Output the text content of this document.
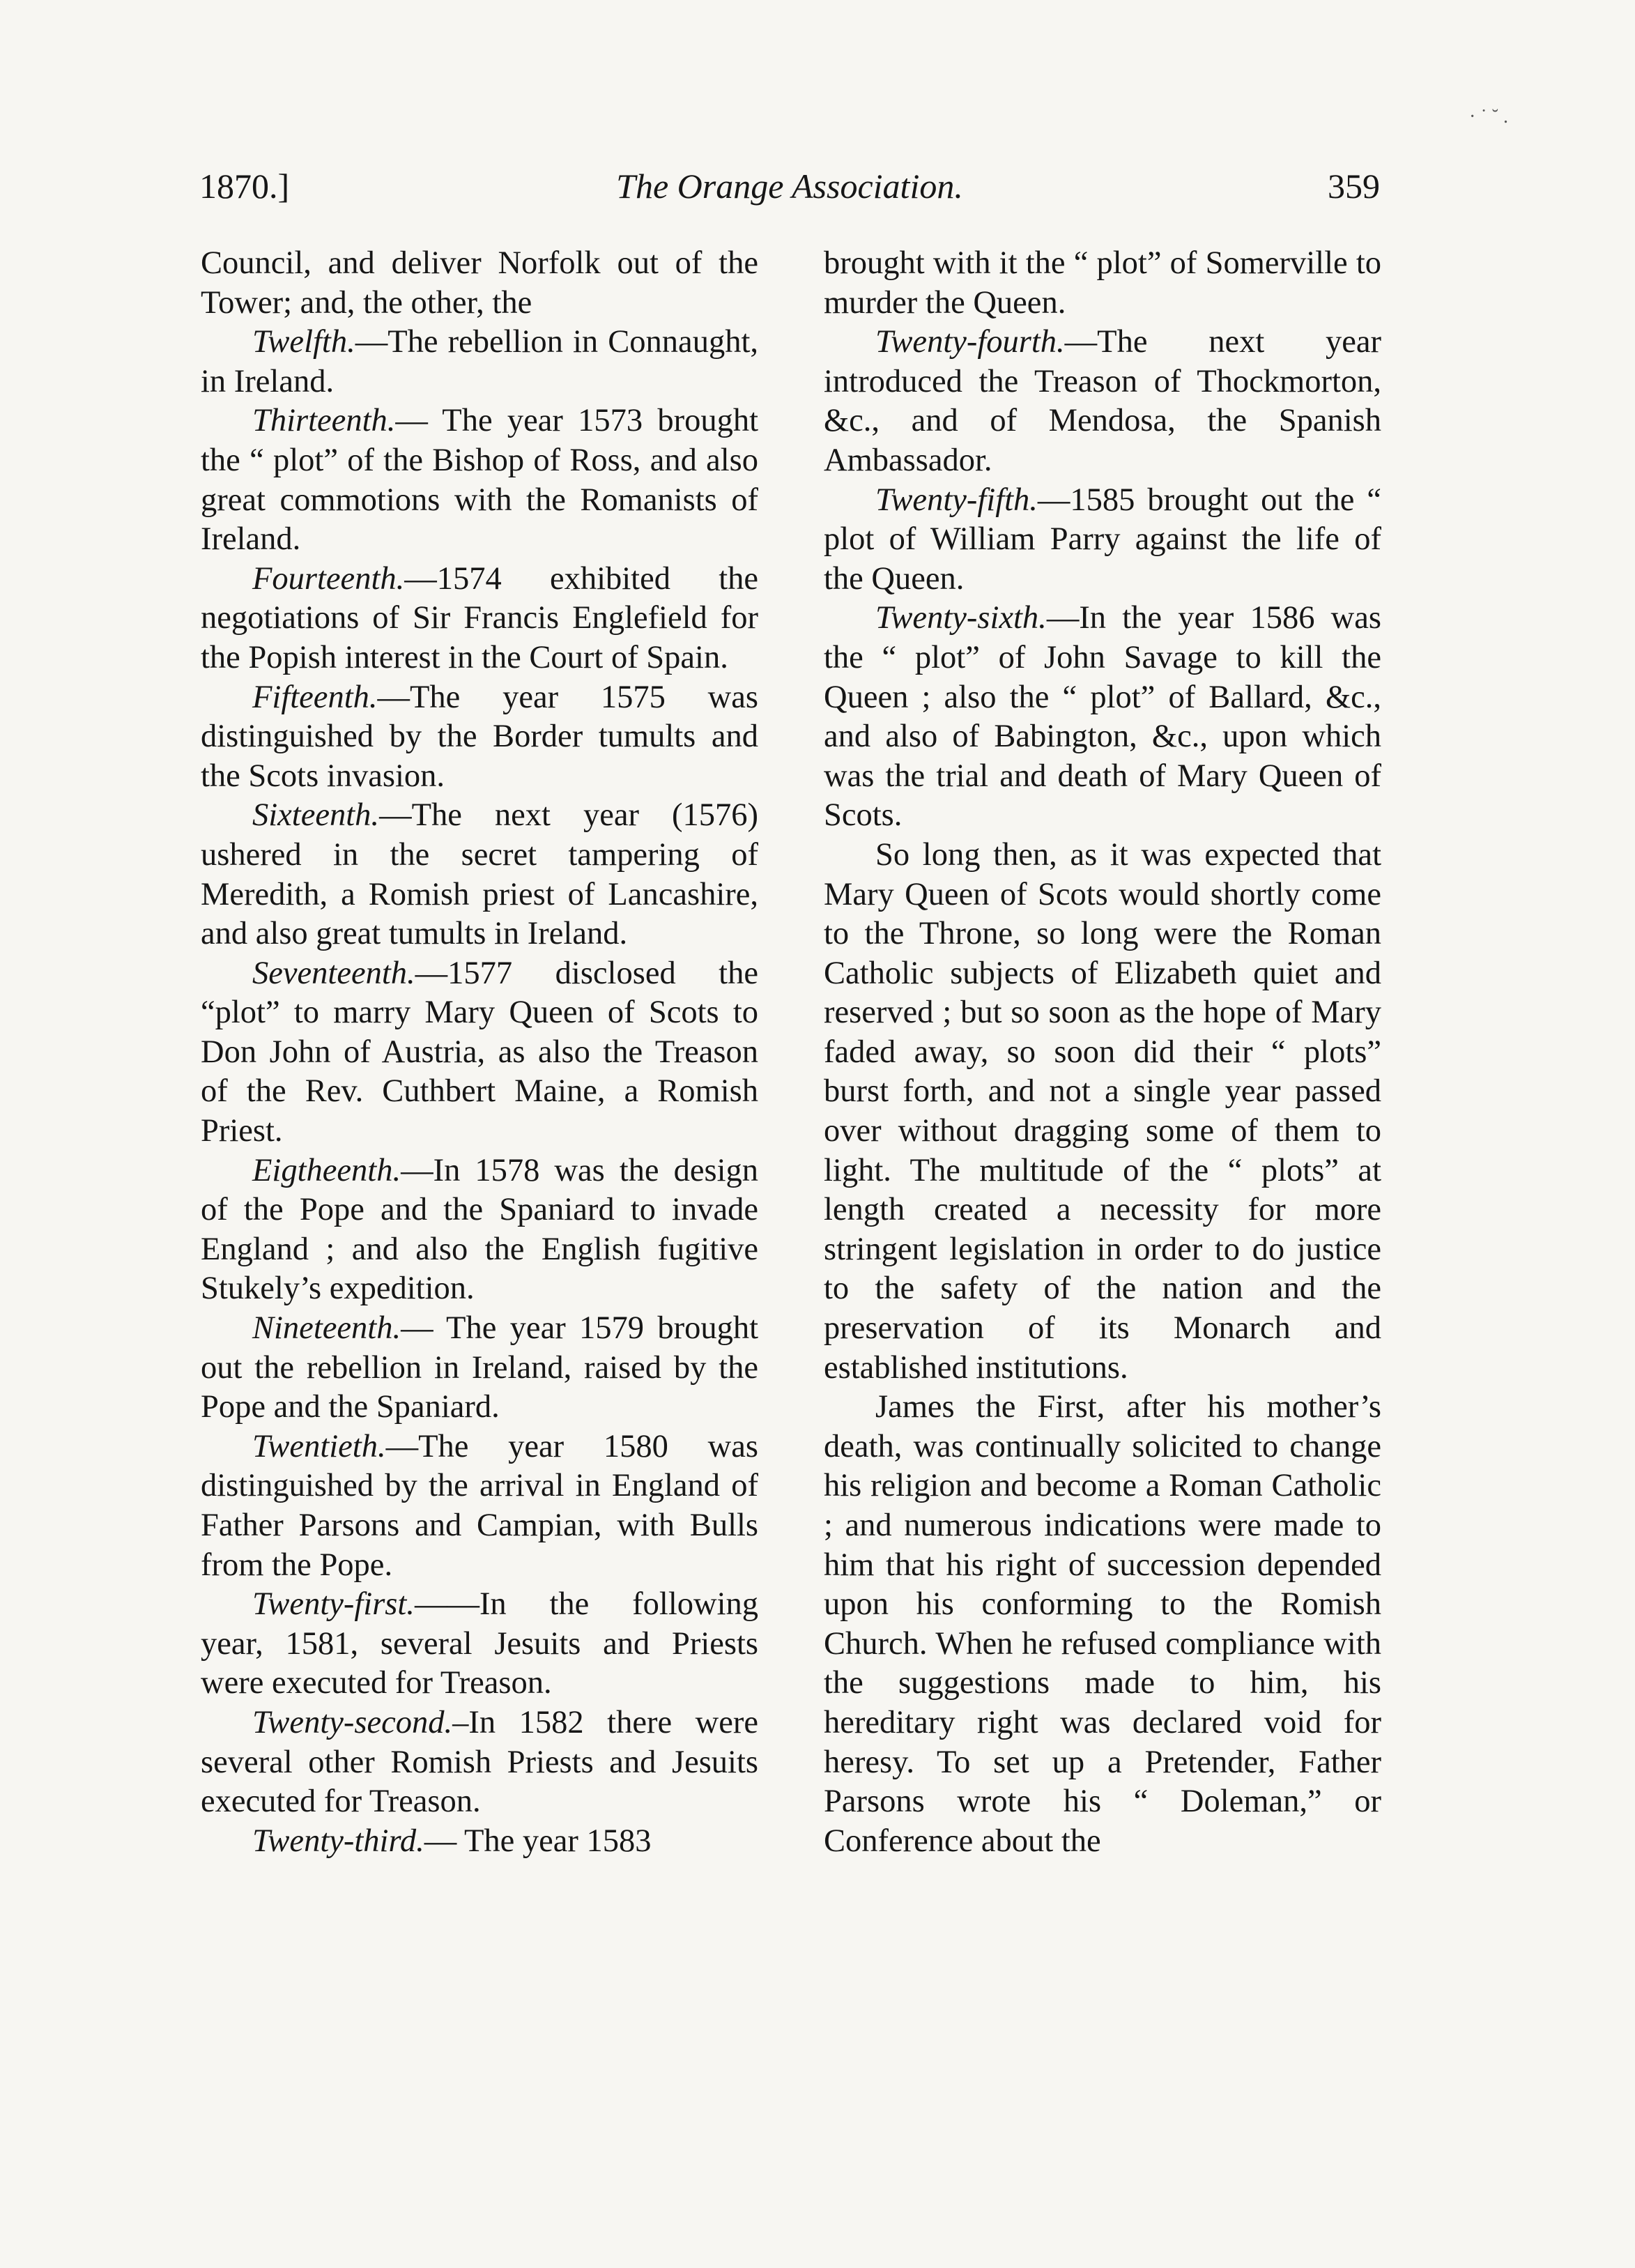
1870.]	The Orange Association.	359

Council, and deliver Norfolk out of the Tower; and, the other, the

Twelfth.—The rebellion in Connaught, in Ireland.

Thirteenth.— The year 1573 brought the “ plot” of the Bishop of Ross, and also great commotions with the Romanists of Ireland.

Fourteenth.—1574 exhibited the negotiations of Sir Francis Englefield for the Popish interest in the Court of Spain.

Fifteenth.—The year 1575 was distinguished by the Border tumults and the Scots invasion.

Sixteenth.—The next year (1576) ushered in the secret tampering of Meredith, a Romish priest of Lancashire, and also great tumults in Ireland.

Seventeenth.—1577 disclosed the “plot” to marry Mary Queen of Scots to Don John of Austria, as also the Treason of the Rev. Cuthbert Maine, a Romish Priest.

Eigtheenth.—In 1578 was the design of the Pope and the Spaniard to invade England ; and also the English fugitive Stukely’s expedition.

Nineteenth.— The year 1579 brought out the rebellion in Ireland, raised by the Pope and the Spaniard.

Twentieth.—The year 1580 was distinguished by the arrival in England of Father Parsons and Campian, with Bulls from the Pope.

Twenty-first.——In the following year, 1581, several Jesuits and Priests were executed for Treason.

Twenty-second.–In 1582 there were several other Romish Priests and Jesuits executed for Treason.

Twenty-third.— The year 1583

brought with it the “ plot” of Somerville to murder the Queen.

Twenty-fourth.—The next year introduced the Treason of Thockmorton, &c., and of Mendosa, the Spanish Ambassador.

Twenty-fifth.—1585 brought out the “ plot of William Parry against the life of the Queen.

Twenty-sixth.—In the year 1586 was the “ plot” of John Savage to kill the Queen ; also the “ plot” of Ballard, &c., and also of Babington, &c., upon which was the trial and death of Mary Queen of Scots.

So long then, as it was expected that Mary Queen of Scots would shortly come to the Throne, so long were the Roman Catholic subjects of Elizabeth quiet and reserved ; but so soon as the hope of Mary faded away, so soon did their “ plots” burst forth, and not a single year passed over without dragging some of them to light. The multitude of the “ plots” at length created a necessity for more stringent legislation in order to do justice to the safety of the nation and the preservation of its Monarch and established institutions.

James the First, after his mother’s death, was continually solicited to change his religion and become a Roman Catholic ; and numerous indications were made to him that his right of succession depended upon his conforming to the Romish Church. When he refused compliance with the suggestions made to him, his hereditary right was declared void for heresy. To set up a Pretender, Father Parsons wrote his “ Doleman,” or Conference about the

· ˙ ˘ .
